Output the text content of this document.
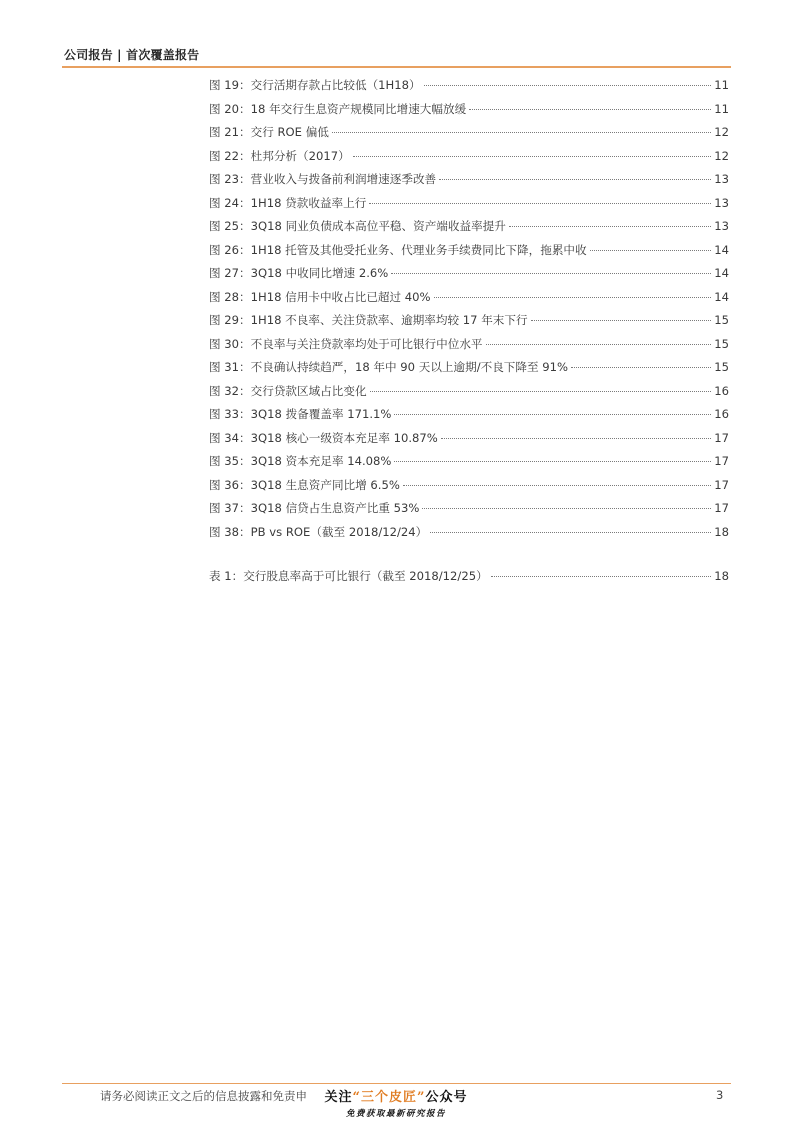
公司报告 | 首次覆盖报告
图 19：交行活期存款占比较低（1H18）	11
图 20：18 年交行生息资产规模同比增速大幅放缓	11
图 21：交行 ROE 偏低	12
图 22：杜邦分析（2017）	12
图 23：营业收入与拨备前利润增速逐季改善	13
图 24：1H18 贷款收益率上行	13
图 25：3Q18 同业负债成本高位平稳、资产端收益率提升	13
图 26：1H18 托管及其他受托业务、代理业务手续费同比下降，拖累中收	14
图 27：3Q18 中收同比增速 2.6%	14
图 28：1H18 信用卡中收占比已超过 40%	14
图 29：1H18 不良率、关注贷款率、逾期率均较 17 年末下行	15
图 30：不良率与关注贷款率均处于可比银行中位水平	15
图 31：不良确认持续趋严，18 年中 90 天以上逾期/不良下降至 91%	15
图 32：交行贷款区域占比变化	16
图 33：3Q18 拨备覆盖率 171.1%	16
图 34：3Q18 核心一级资本充足率 10.87%	17
图 35：3Q18 资本充足率 14.08%	17
图 36：3Q18 生息资产同比增 6.5%	17
图 37：3Q18 信贷占生息资产比重 53%	17
图 38：PB vs ROE（截至 2018/12/24）	18
表 1：交行股息率高于可比银行（截至 2018/12/25）	18
请务必阅读正文之后的信息披露和免责申	关注“三个皮匠”公众号
免费获取最新研究报告
3
